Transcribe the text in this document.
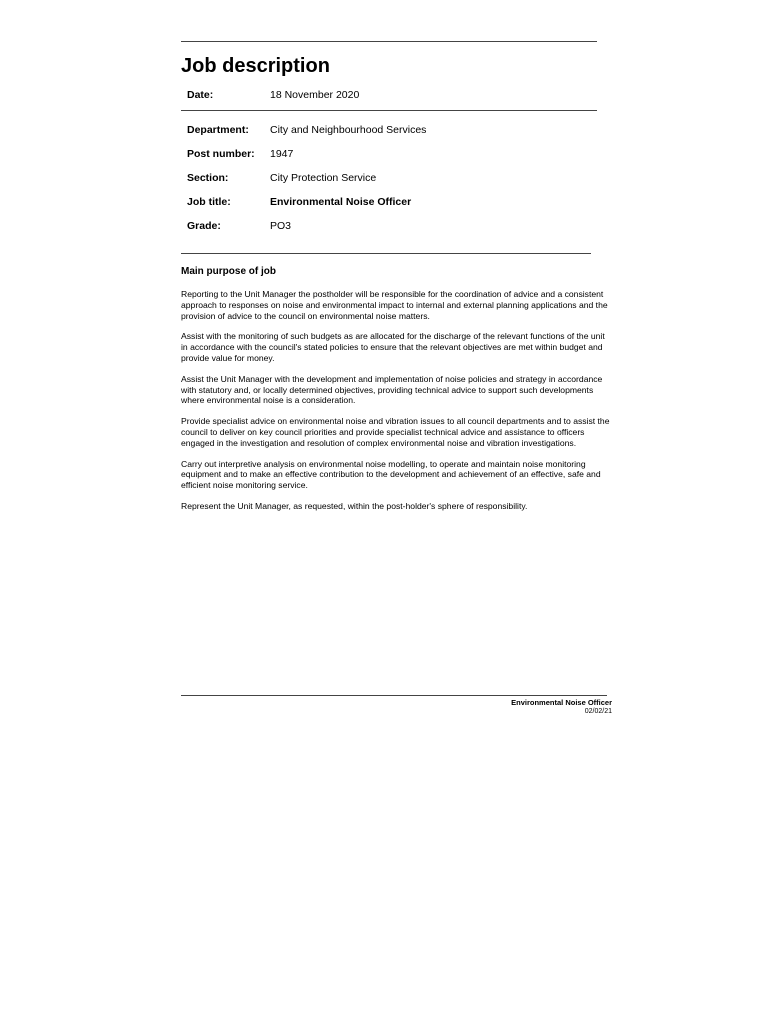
Job description
Date:	18 November 2020
Department: City and Neighbourhood Services
Post number: 1947
Section:	City Protection Service
Job title:	Environmental Noise Officer
Grade:	PO3
Main purpose of job

Reporting to the Unit Manager the postholder will be responsible for the coordination of advice and a consistent approach to responses on noise and environmental impact to internal and external planning applications and the provision of advice to the council on environmental noise matters.

Assist with the monitoring of such budgets as are allocated for the discharge of the relevant functions of the unit in accordance with the council's stated policies to ensure that the relevant objectives are met within budget and provide value for money.

Assist the Unit Manager with the development and implementation of noise policies and strategy in accordance with statutory and, or locally determined objectives, providing technical advice to support such developments where environmental noise is a consideration.

Provide specialist advice on environmental noise and vibration issues to all council departments and to assist the council to deliver on key council priorities and provide specialist technical advice and assistance to officers engaged in the investigation and resolution of complex environmental noise and vibration investigations.

Carry out interpretive analysis on environmental noise modelling, to operate and maintain noise monitoring equipment and to make an effective contribution to the development and achievement of an effective, safe and efficient noise monitoring service.

Represent the Unit Manager, as requested, within the post-holder's sphere of responsibility.

Environmental Noise Officer
02/02/21
